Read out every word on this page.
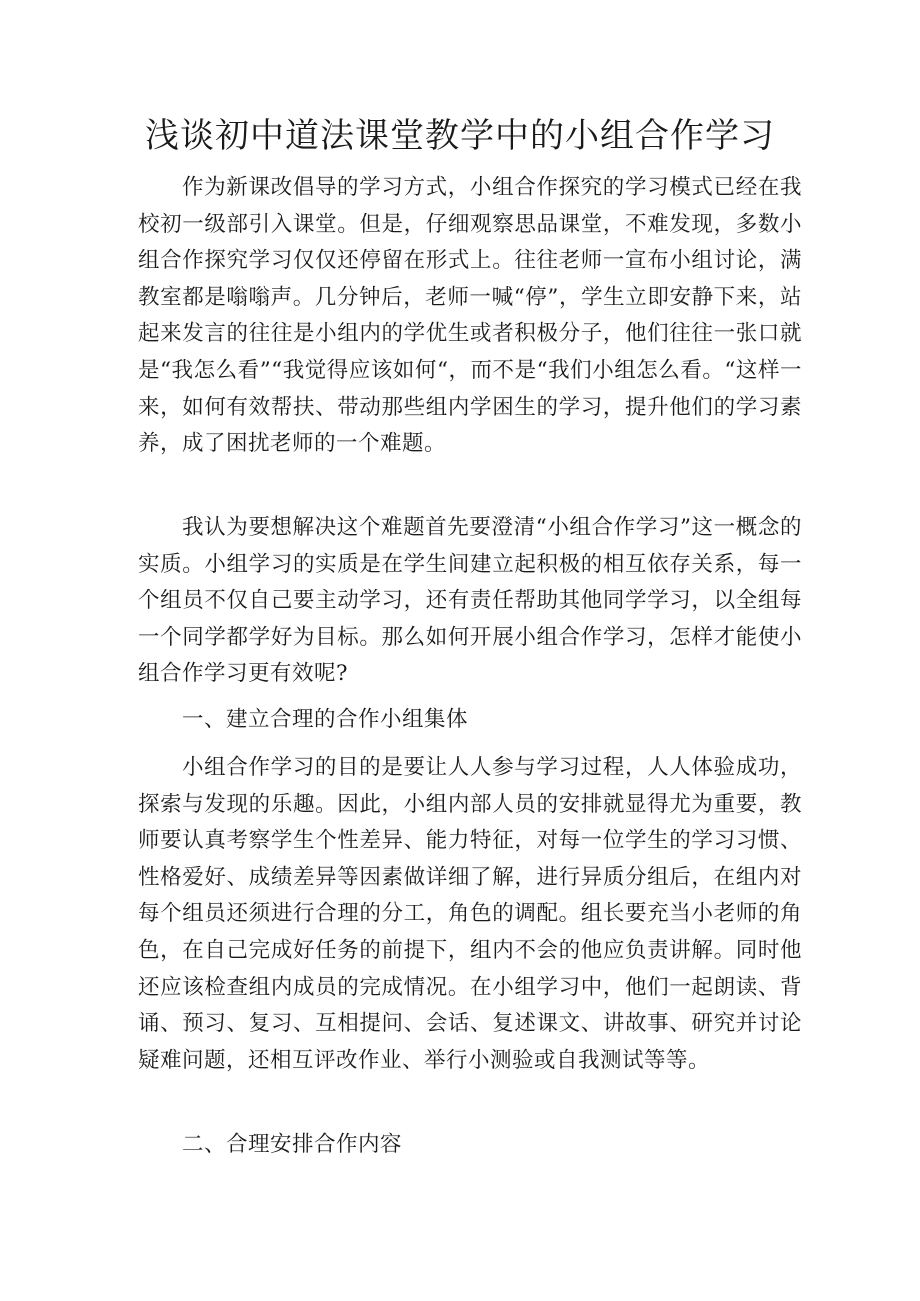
浅谈初中道法课堂教学中的小组合作学习

作为新课改倡导的学习方式，小组合作探究的学习模式已经在我校初一级部引入课堂。但是，仔细观察思品课堂，不难发现，多数小组合作探究学习仅仅还停留在形式上。往往老师一宣布小组讨论，满教室都是嗡嗡声。几分钟后，老师一喊“停”，学生立即安静下来，站起来发言的往往是小组内的学优生或者积极分子，他们往往一张口就是“我怎么看”“我觉得应该如何“，而不是“我们小组怎么看。“这样一来，如何有效帮扶、带动那些组内学困生的学习，提升他们的学习素养，成了困扰老师的一个难题。

我认为要想解决这个难题首先要澄清“小组合作学习”这一概念的实质。小组学习的实质是在学生间建立起积极的相互依存关系，每一个组员不仅自己要主动学习，还有责任帮助其他同学学习，以全组每一个同学都学好为目标。那么如何开展小组合作学习，怎样才能使小组合作学习更有效呢?

一、建立合理的合作小组集体

小组合作学习的目的是要让人人参与学习过程，人人体验成功，探索与发现的乐趣。因此，小组内部人员的安排就显得尤为重要，教师要认真考察学生个性差异、能力特征，对每一位学生的学习习惯、性格爱好、成绩差异等因素做详细了解，进行异质分组后，在组内对每个组员还须进行合理的分工，角色的调配。组长要充当小老师的角色，在自己完成好任务的前提下，组内不会的他应负责讲解。同时他还应该检查组内成员的完成情况。在小组学习中，他们一起朗读、背诵、预习、复习、互相提问、会话、复述课文、讲故事、研究并讨论疑难问题，还相互评改作业、举行小测验或自我测试等等。

二、合理安排合作内容
